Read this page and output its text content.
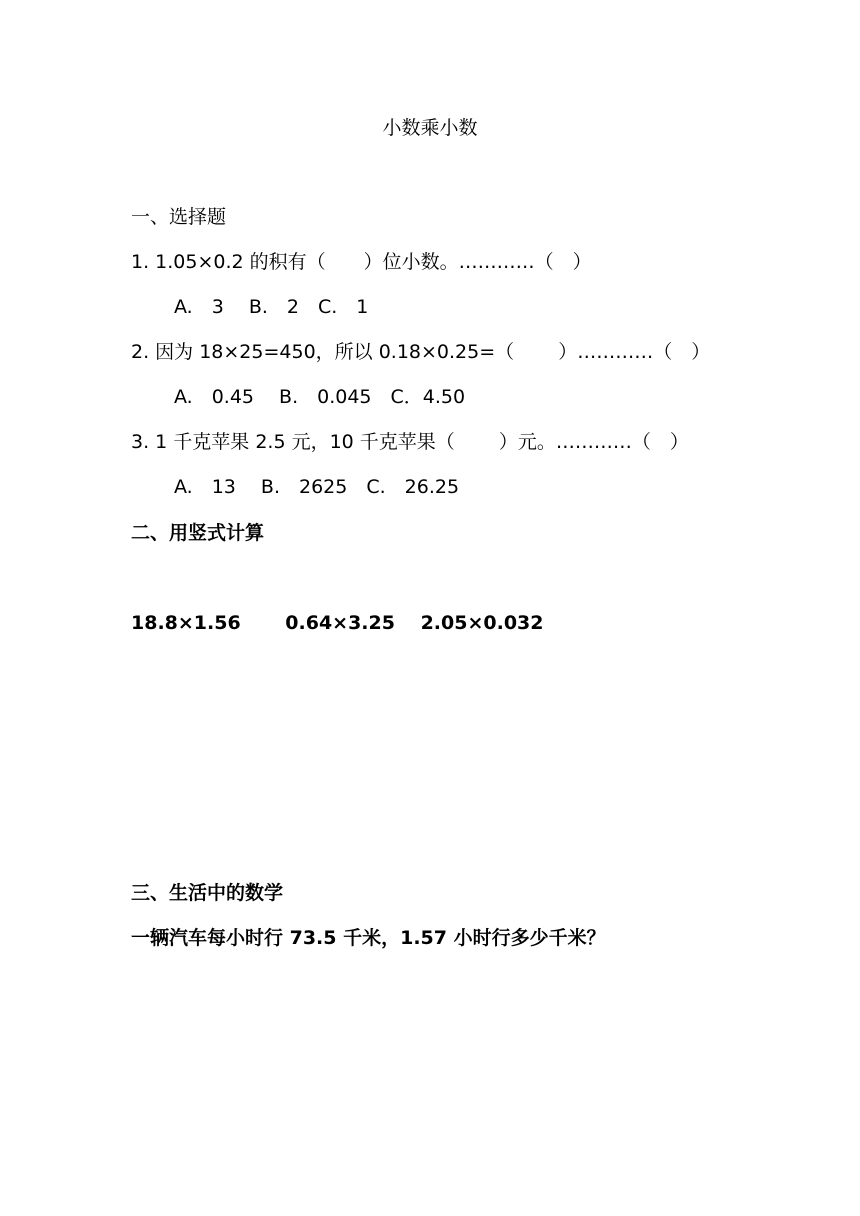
小数乘小数
一、选择题
1. 1.05×0.2 的积有（　　）位小数。…………（　）
A.　3　 B.　2　C.　1
2. 因为 18×25=450，所以 0.18×0.25=（　　 ）…………（　）
A.　0.45　 B.　0.045　C．4.50
3. 1 千克苹果 2.5 元，10 千克苹果（　　 ）元。…………（　）
A.　13　 B.　2625　C.　26.25
二、用竖式计算
18.8×1.56　　 0.64×3.25　 2.05×0.032
三、生活中的数学
一辆汽车每小时行 73.5 千米，1.57 小时行多少千米？
